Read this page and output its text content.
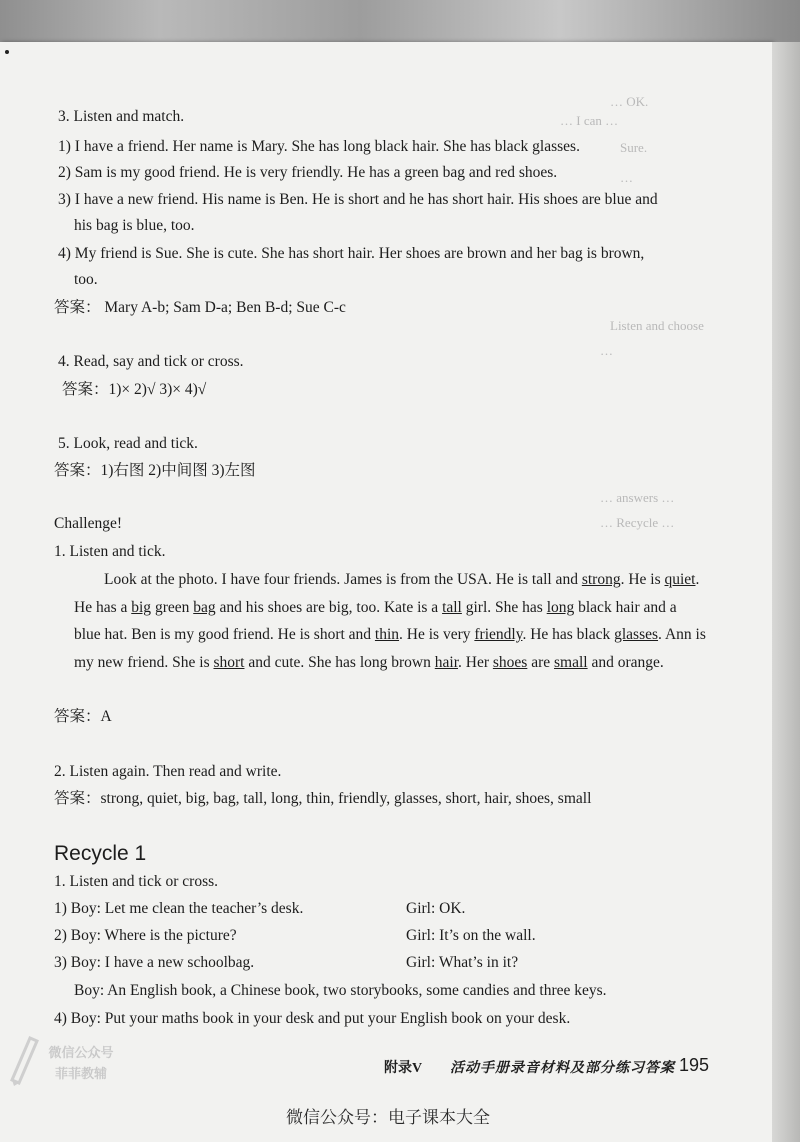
… OK.
… I can …
Sure.
…
Listen and choose
…
… answers …
… Recycle …
3. Listen and match.
1) I have a friend. Her name is Mary. She has long black hair. She has black glasses.
2) Sam is my good friend. He is very friendly. He has a green bag and red shoes.
3) I have a new friend. His name is Ben. He is short and he has short hair. His shoes are blue and
his bag is blue, too.
4) My friend is Sue. She is cute. She has short hair. Her shoes are brown and her bag is brown,
too.
答案： Mary A-b; Sam D-a; Ben B-d; Sue C-c
4. Read, say and tick or cross.
答案：1)× 2)√ 3)× 4)√
5. Look, read and tick.
答案：1)右图 2)中间图 3)左图
Challenge!
1. Listen and tick.
Look at the photo. I have four friends. James is from the USA. He is tall and strong. He is quiet. He has a big green bag and his shoes are big, too. Kate is a tall girl. She has long black hair and a blue hat. Ben is my good friend. He is short and thin. He is very friendly. He has black glasses. Ann is my new friend. She is short and cute. She has long brown hair. Her shoes are small and orange.
答案：A
2. Listen again. Then read and write.
答案：strong, quiet, big, bag, tall, long, thin, friendly, glasses, short, hair, shoes, small
Recycle 1
1. Listen and tick or cross.
1) Boy: Let me clean the teacher’s desk.	Girl: OK.
2) Boy: Where is the picture?	Girl: It’s on the wall.
3) Boy: I have a new schoolbag.	Girl: What’s in it?
Boy: An English book, a Chinese book, two storybooks, some candies and three keys.
4) Boy: Put your maths book in your desk and put your English book on your desk.
微信公众号
菲菲教辅	附录V 活动手册录音材料及部分练习答案 195
微信公众号：电子课本大全
